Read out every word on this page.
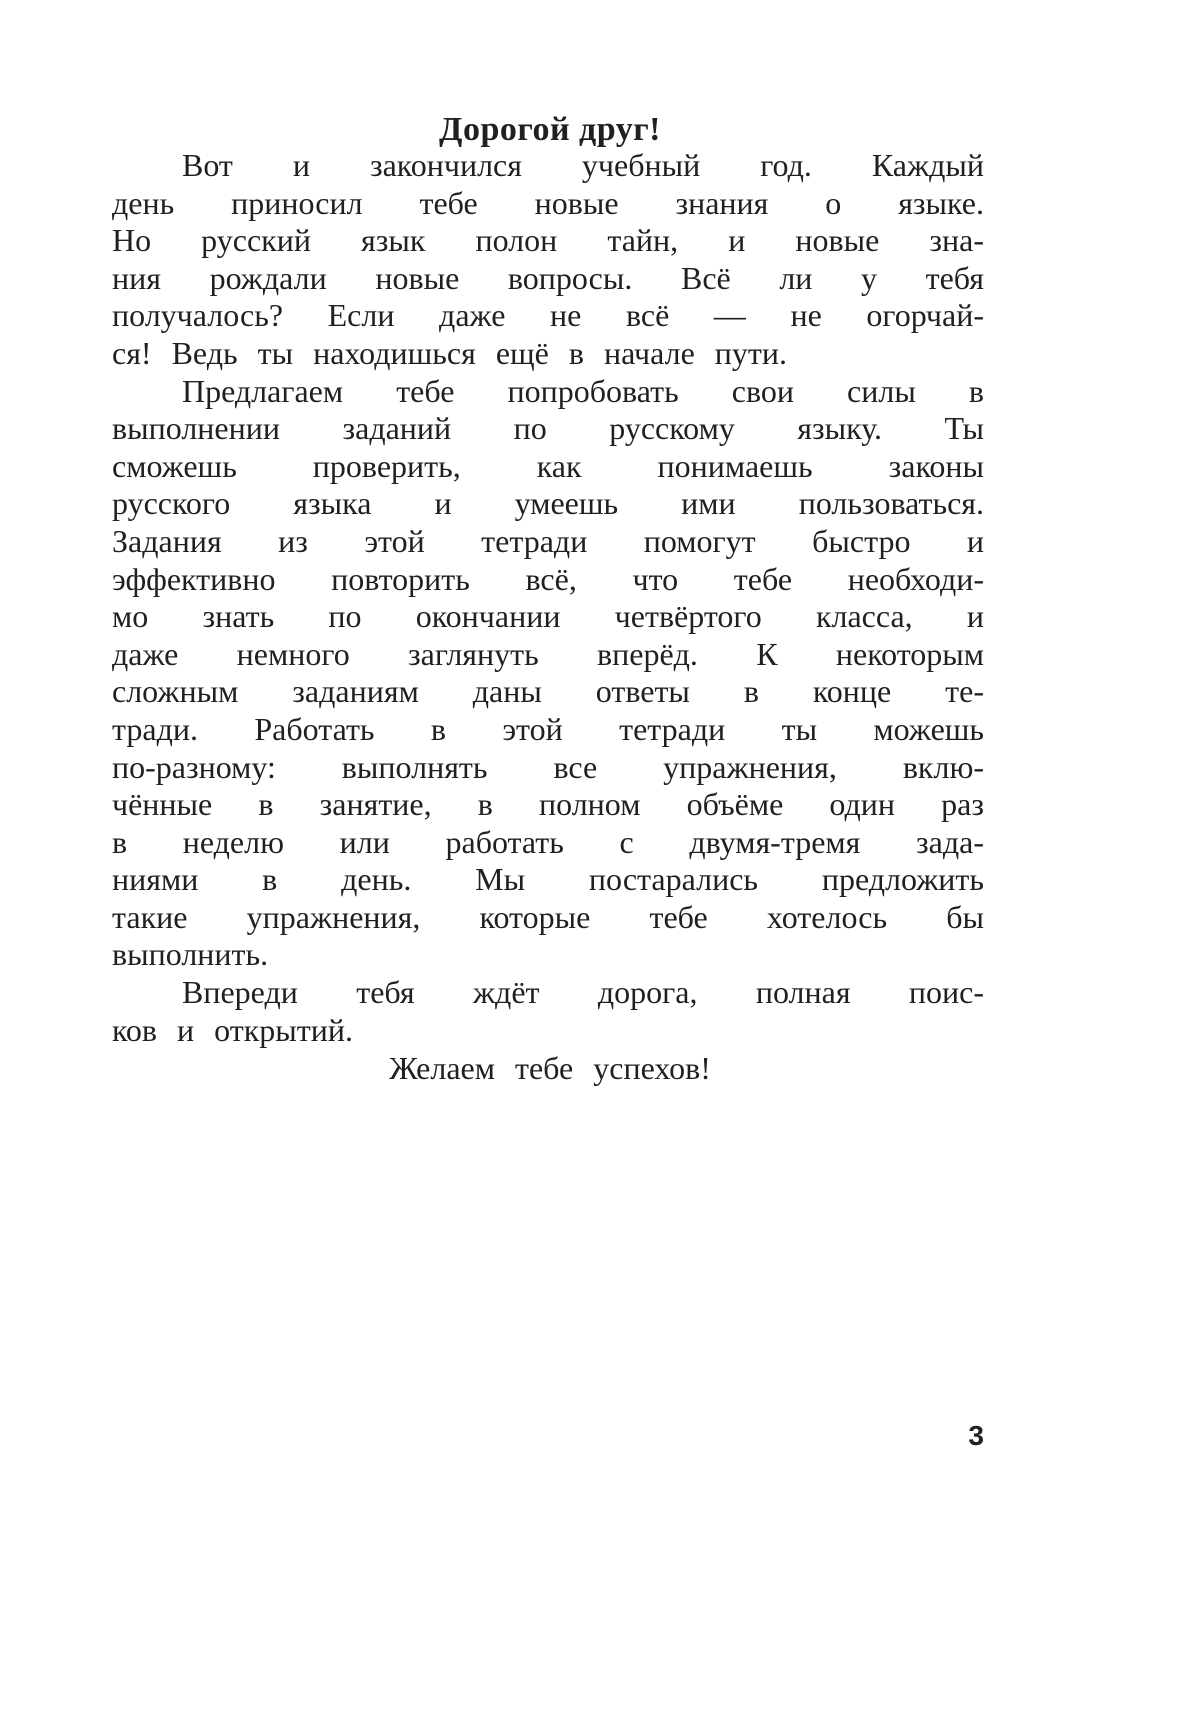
Дорогой друг!
Вот и закончился учебный год. Каждый
день приносил тебе новые знания о языке.
Но русский язык полон тайн, и новые зна-
ния рождали новые вопросы. Всё ли у тебя
получалось? Если даже не всё — не огорчай-
ся! Ведь ты находишься ещё в начале пути.
Предлагаем тебе попробовать свои силы в
выполнении заданий по русскому языку. Ты
сможешь проверить, как понимаешь законы
русского языка и умеешь ими пользоваться.
Задания из этой тетради помогут быстро и
эффективно повторить всё, что тебе необходи-
мо знать по окончании четвёртого класса, и
даже немного заглянуть вперёд. К некоторым
сложным заданиям даны ответы в конце те-
тради. Работать в этой тетради ты можешь
по-разному: выполнять все упражнения, вклю-
чённые в занятие, в полном объёме один раз
в неделю или работать с двумя-тремя зада-
ниями в день. Мы постарались предложить
такие упражнения, которые тебе хотелось бы
выполнить.
Впереди тебя ждёт дорога, полная поис-
ков и открытий.
Желаем тебе успехов!
3
